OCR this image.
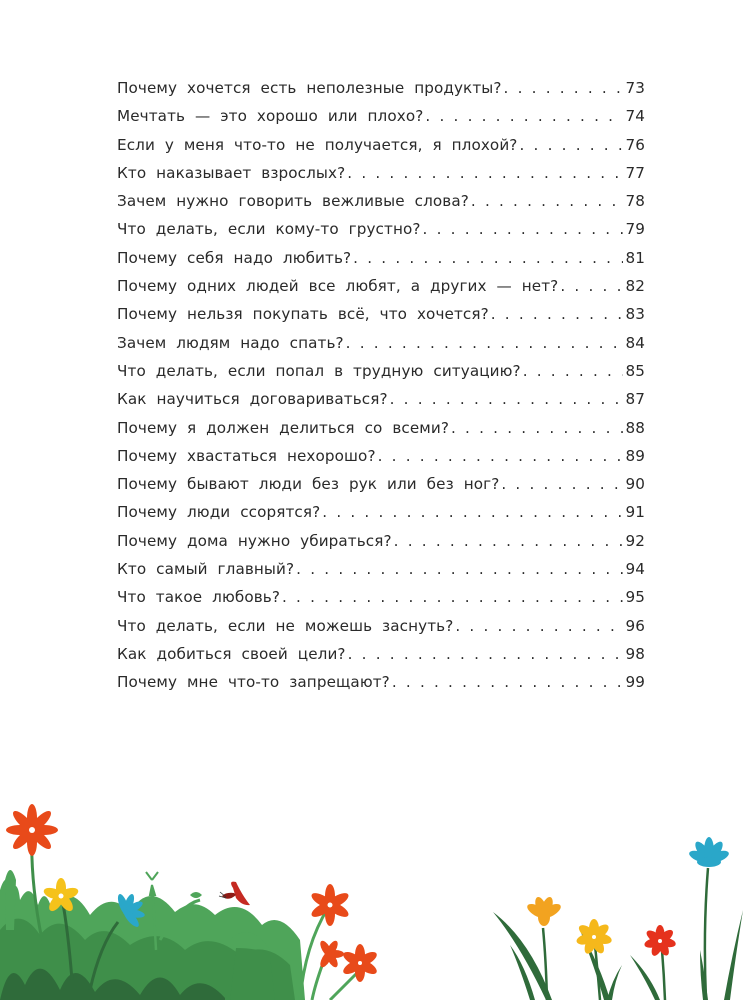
Почему хочется есть неполезные продукты? . . .	73
Мечтать — это хорошо или плохо? . . .	74
Если у меня что-то не получается, я плохой? . . .	76
Кто наказывает взрослых? . . .	77
Зачем нужно говорить вежливые слова? . . .	78
Что делать, если кому-то грустно? . . .	79
Почему себя надо любить? . . .	81
Почему одних людей все любят, а других — нет? . . .	82
Почему нельзя покупать всё, что хочется? . . .	83
Зачем людям надо спать? . . .	84
Что делать, если попал в трудную ситуацию? . . .	85
Как научиться договариваться? . . .	87
Почему я должен делиться со всеми? . . .	88
Почему хвастаться нехорошо? . . .	89
Почему бывают люди без рук или без ног? . . .	90
Почему люди ссорятся? . . .	91
Почему дома нужно убираться? . . .	92
Кто самый главный? . . .	94
Что такое любовь? . . .	95
Что делать, если не можешь заснуть? . . .	96
Как добиться своей цели? . . .	98
Почему мне что-то запрещают? . . .	99
